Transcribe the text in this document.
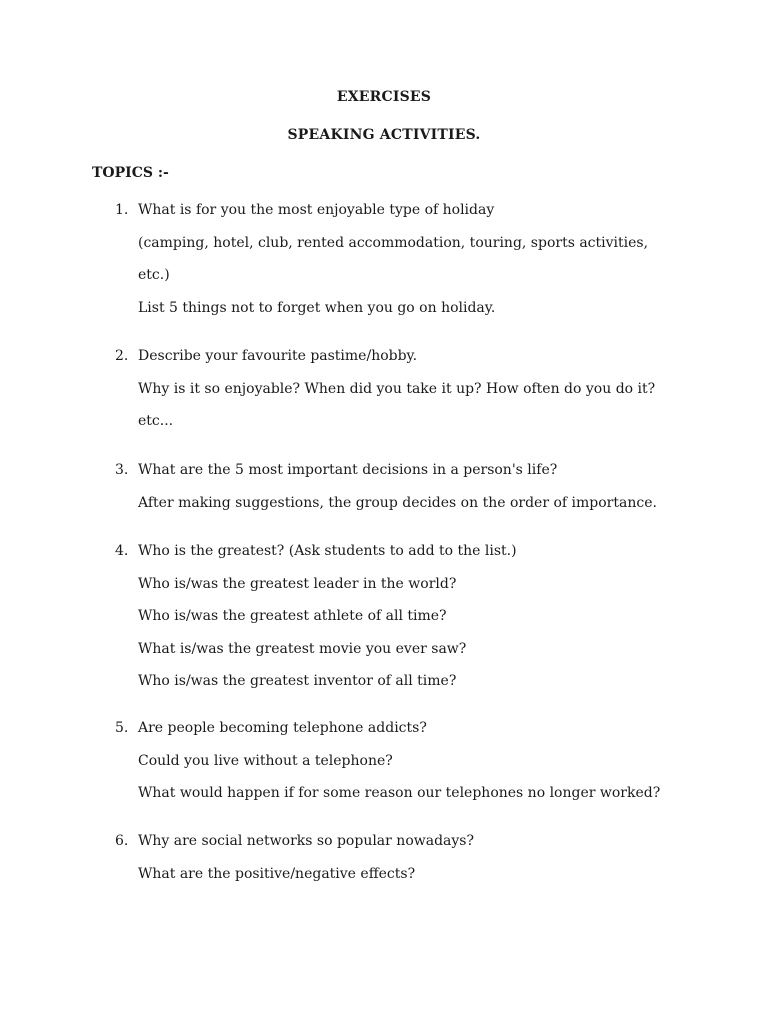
EXERCISES
SPEAKING ACTIVITIES.
TOPICS :-
1. What is for you the most enjoyable type of holiday
(camping, hotel, club, rented accommodation, touring, sports activities,
etc.)
List 5 things not to forget when you go on holiday.
2. Describe your favourite pastime/hobby.
Why is it so enjoyable? When did you take it up? How often do you do it?
etc...
3. What are the 5 most important decisions in a person's life?
After making suggestions, the group decides on the order of importance.
4. Who is the greatest? (Ask students to add to the list.)
Who is/was the greatest leader in the world?
Who is/was the greatest athlete of all time?
What is/was the greatest movie you ever saw?
Who is/was the greatest inventor of all time?
5. Are people becoming telephone addicts?
Could you live without a telephone?
What would happen if for some reason our telephones no longer worked?
6. Why are social networks so popular nowadays?
What are the positive/negative effects?
